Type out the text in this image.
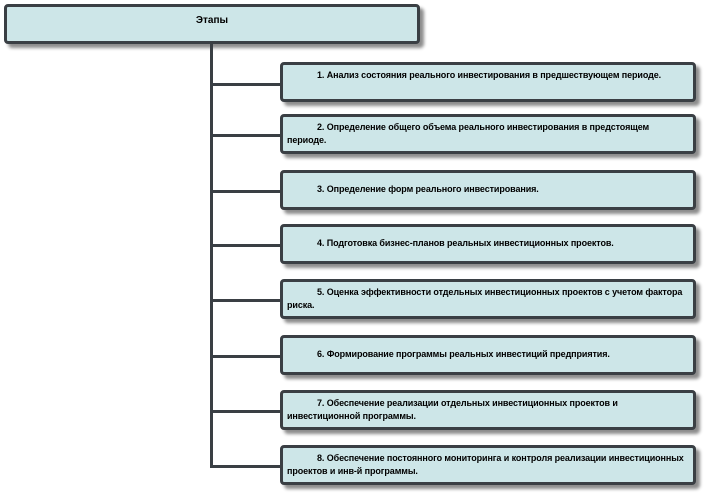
Этапы
1. Анализ состояния реального инвестирования в предшествующем периоде.
2. Определение общего объема реального инвестирования в предстоящем периоде.
3. Определение форм реального инвестирования.
4. Подготовка бизнес-планов реальных инвестиционных проектов.
5. Оценка эффективности отдельных инвестиционных проектов с учетом фактора риска.
6. Формирование программы реальных инвестиций предприятия.
7. Обеспечение реализации отдельных инвестиционных проектов и инвестиционной программы.
8. Обеспечение постоянного мониторинга и контроля реализации инвестиционных проектов и инв-й программы.
